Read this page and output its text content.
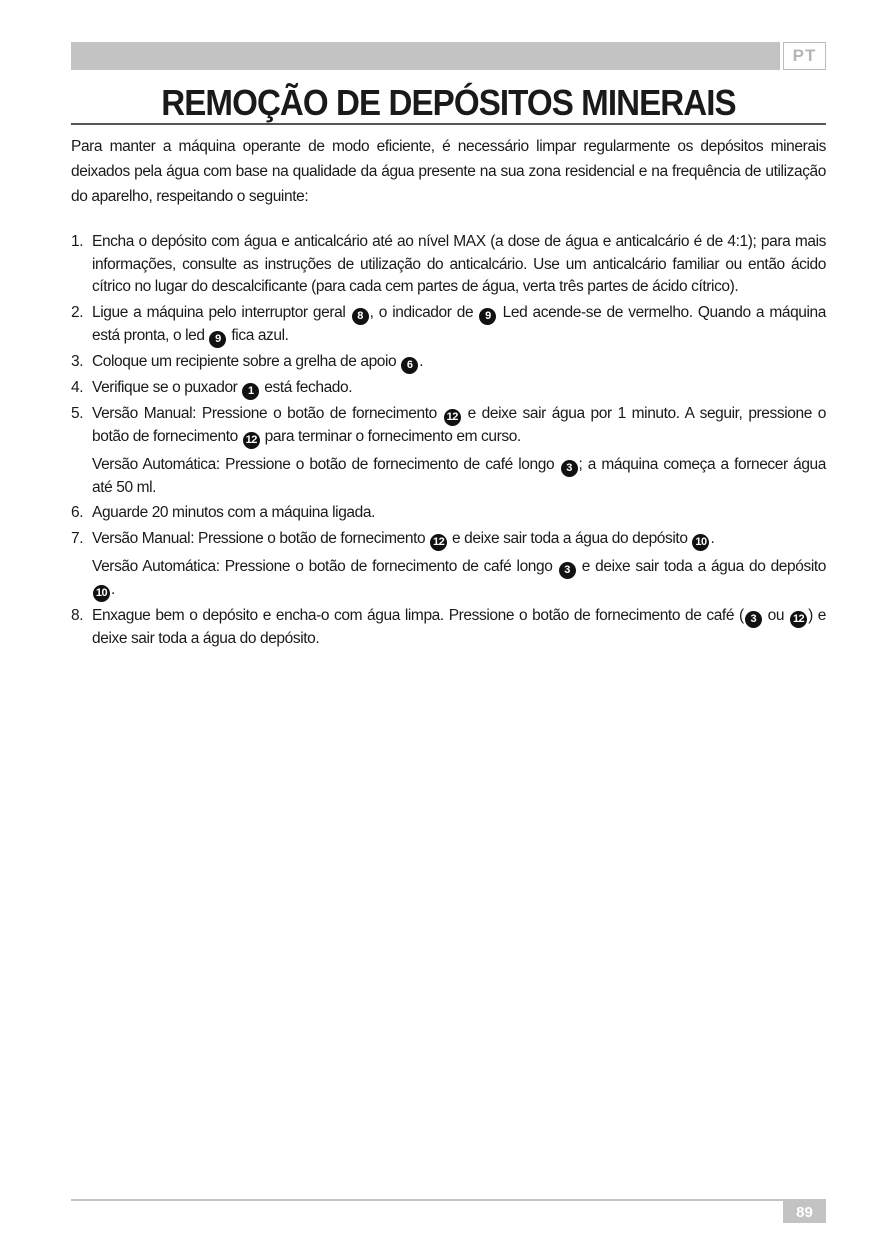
PT
REMOÇÃO DE DEPÓSITOS MINERAIS

Para manter a máquina operante de modo eficiente, é necessário limpar regularmente os depósitos minerais deixados pela água com base na qualidade da água presente na sua zona residencial e na frequência de utilização do aparelho, respeitando o seguinte:

1. Encha o depósito com água e anticalcário até ao nível MAX (a dose de água e anticalcário é de 4:1); para mais informações, consulte as instruções de utilização do anticalcário. Use um anticalcário familiar ou então ácido cítrico no lugar do descalcificante (para cada cem partes de água, verta três partes de ácido cítrico).

2. Ligue a máquina pelo interruptor geral 8 , o indicador de 9 Led acende-se de vermelho. Quando a máquina está pronta, o led 9 fica azul.

3. Coloque um recipiente sobre a grelha de apoio 6 .

4. Verifique se o puxador 1 está fechado.

5. Versão Manual: Pressione o botão de fornecimento 12 e deixe sair água por 1 minuto. A seguir, pressione o botão de fornecimento 12 para terminar o fornecimento em curso.

Versão Automática: Pressione o botão de fornecimento de café longo 3 ; a máquina começa a fornecer água até 50 ml.

6. Aguarde 20 minutos com a máquina ligada.

7. Versão Manual: Pressione o botão de fornecimento 12 e deixe sair toda a água do depósito 10 .

Versão Automática: Pressione o botão de fornecimento de café longo 3 e deixe sair toda a água do depósito 10 .

8. Enxague bem o depósito e encha-o com água limpa. Pressione o botão de fornecimento de café ( 3 ou 12 ) e deixe sair toda a água do depósito.

89
